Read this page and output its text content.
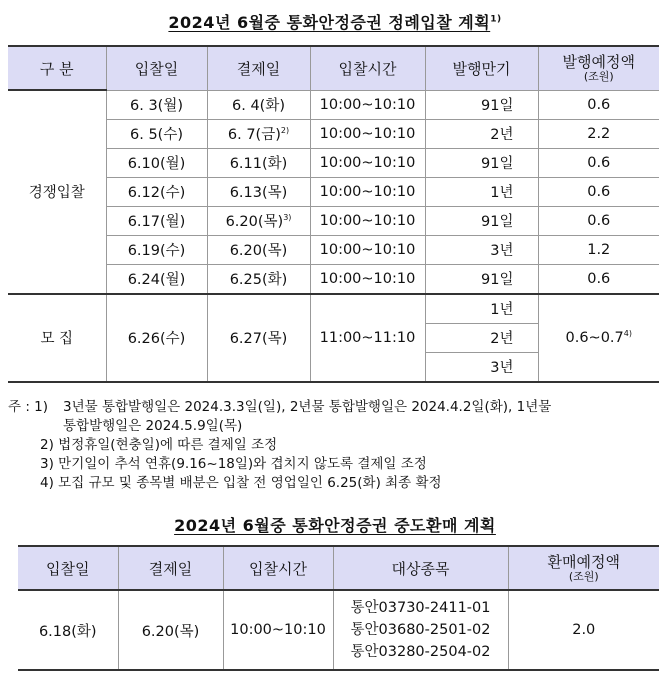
2024년 6월중 통화안정증권 정례입찰 계획$^{1)}$
구 분	입찰일	결제일	입찰시간	발행만기	발행예정액
(조원)

경쟁입찰	6. 3(월)	6. 4(화)	10:00~10:10	91일	0.6
	6. 5(수)	6. 7(금)$^{2)}$	10:00~10:10	2년	2.2
	6.10(월)	6.11(화)	10:00~10:10	91일	0.6
	6.12(수)	6.13(목)	10:00~10:10	1년	0.6
	6.17(월)	6.20(목)$^{3)}$	10:00~10:10	91일	0.6
	6.19(수)	6.20(목)	10:00~10:10	3년	1.2
	6.24(월)	6.25(화)	10:00~10:10	91일	0.6
모 집	6.26(수)	6.27(목)	11:00~11:10	1년	0.6~0.7$^{4)}$
				2년	
				3년	
주 : 1)	3년물 통합발행일은 2024.3.3일(일), 2년물 통합발행일은 2024.4.2일(화), 1년물
통합발행일은 2024.5.9일(목)
2) 법정휴일(현충일)에 따른 결제일 조정
3) 만기일이 추석 연휴(9.16~18일)와 겹치지 않도록 결제일 조정
4) 모집 규모 및 종목별 배분은 입찰 전 영업일인 6.25(화) 최종 확정
2024년 6월중 통화안정증권 중도환매 계획
입찰일	결제일	입찰시간	대상종목	환매예정액
(조원)

6.18(화)	6.20(목)	10:00~10:10	통안03730-2411-01
통안03680-2501-02
통안03280-2504-02	2.0
